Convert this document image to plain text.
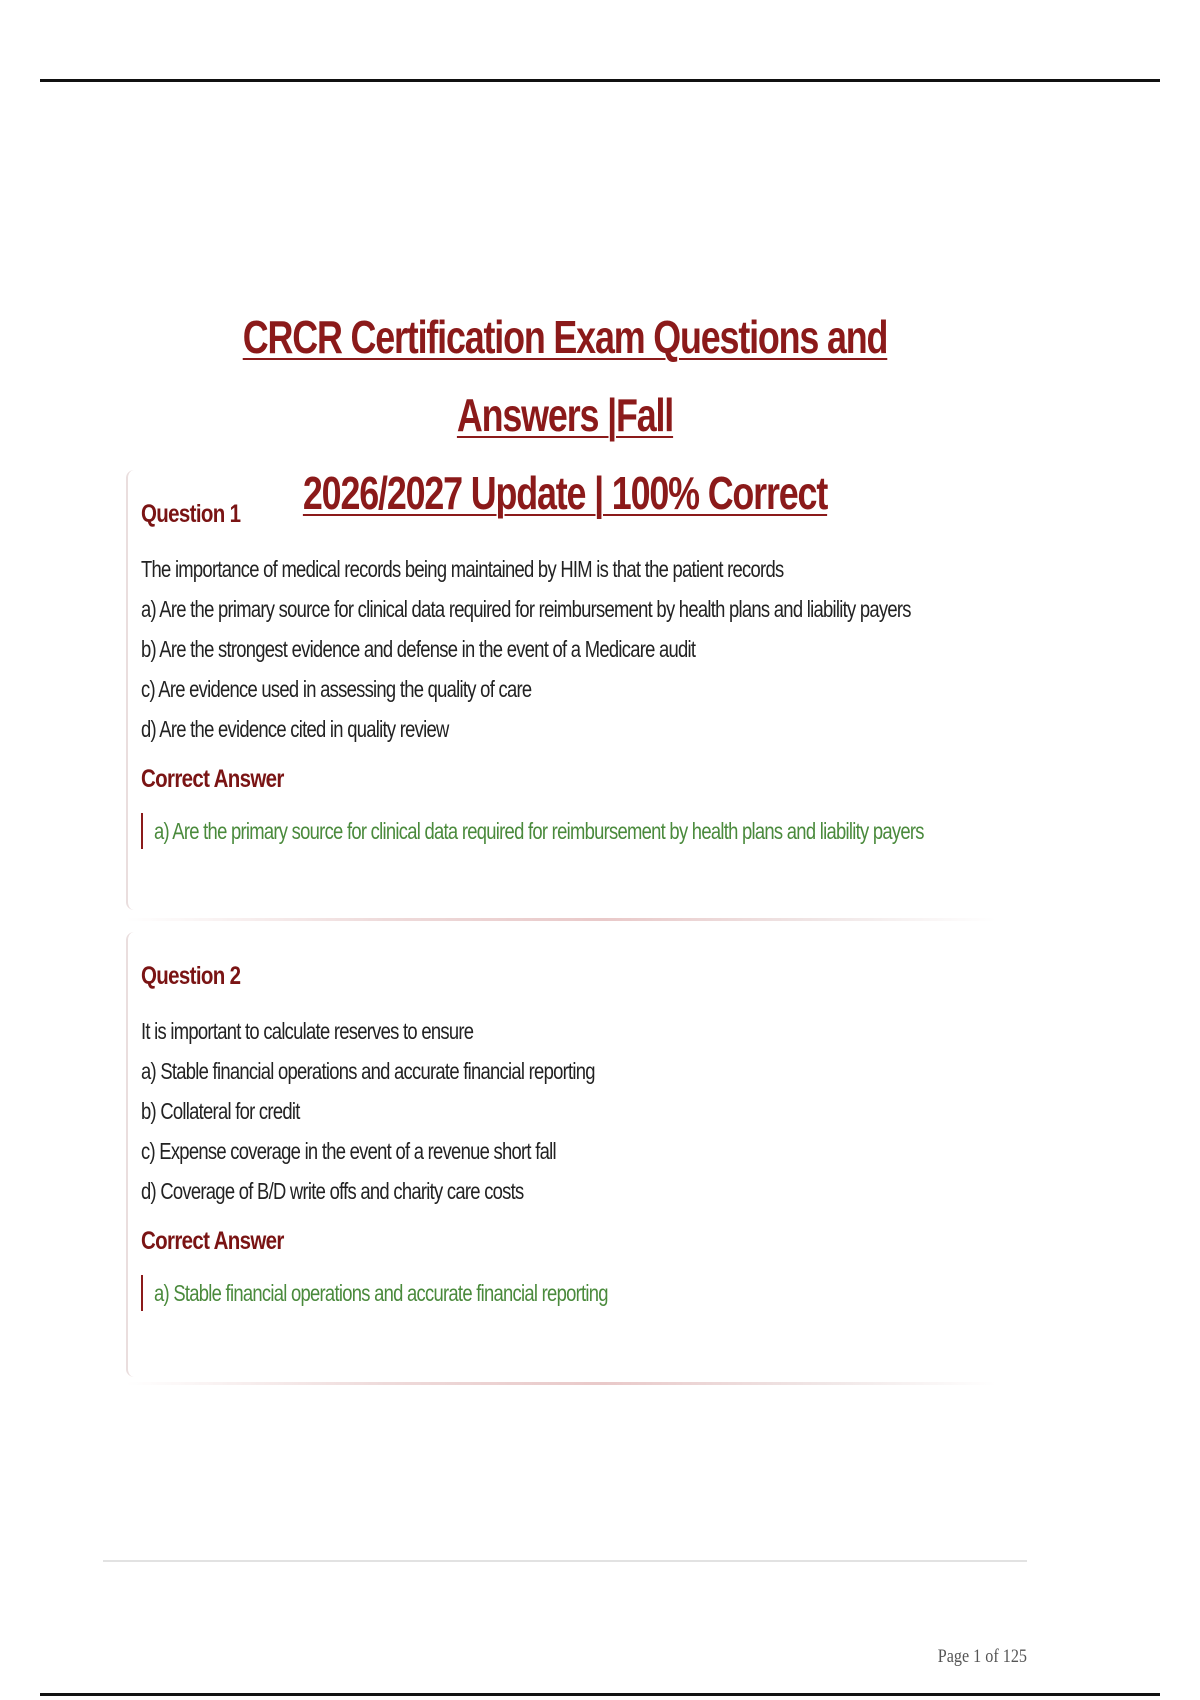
CRCR Certification Exam Questions and Answers |Fall
2026/2027 Update | 100% Correct
Question 1
The importance of medical records being maintained by HIM is that the patient records
a) Are the primary source for clinical data required for reimbursement by health plans and liability payers
b) Are the strongest evidence and defense in the event of a Medicare audit
c) Are evidence used in assessing the quality of care
d) Are the evidence cited in quality review
Correct Answer
a) Are the primary source for clinical data required for reimbursement by health plans and liability payers
Question 2
It is important to calculate reserves to ensure
a) Stable financial operations and accurate financial reporting
b) Collateral for credit
c) Expense coverage in the event of a revenue short fall
d) Coverage of B/D write offs and charity care costs
Correct Answer
a) Stable financial operations and accurate financial reporting
Page 1 of 125
